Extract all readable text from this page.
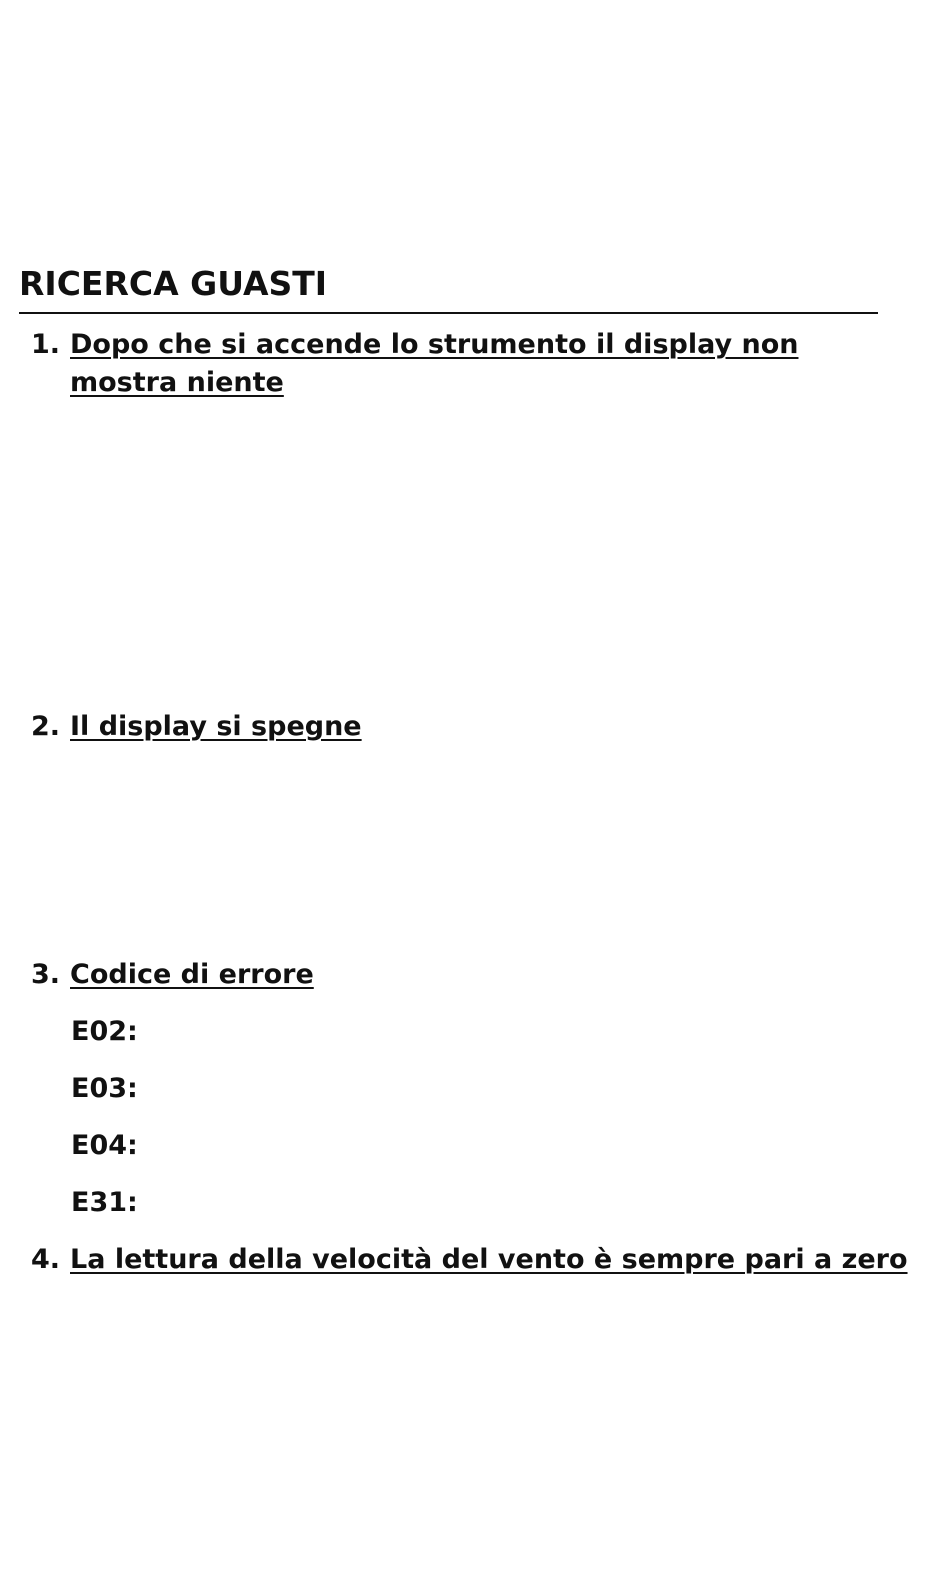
RICERCA GUASTI
1. Dopo che si accende lo strumento il display non
mostra niente
2. Il display si spegne
3. Codice di errore
E02:
E03:
E04:
E31:
4. La lettura della velocità del vento è sempre pari a zero
